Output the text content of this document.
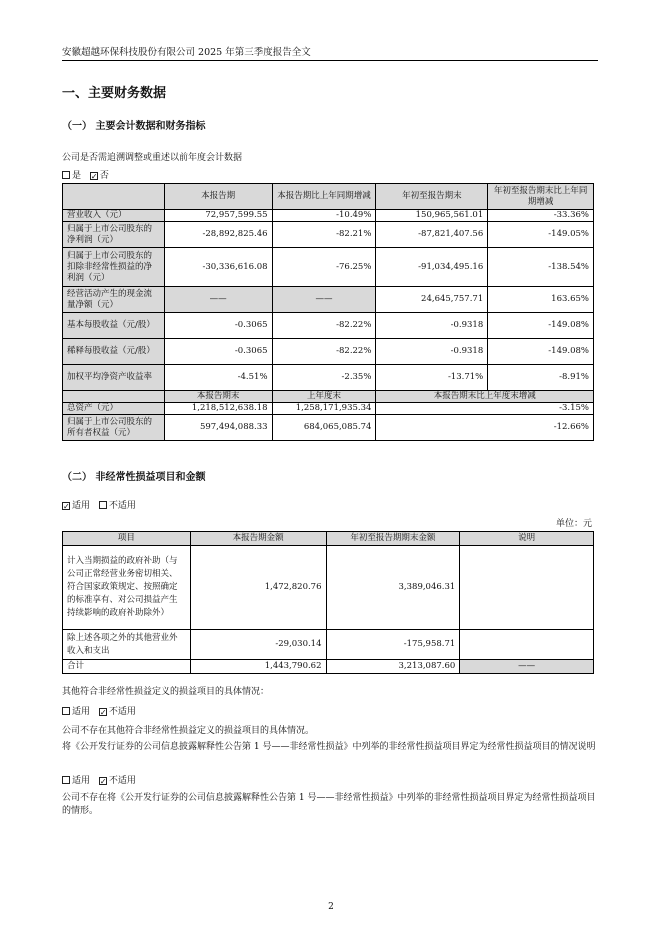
安徽超越环保科技股份有限公司 2025 年第三季度报告全文
一、主要财务数据
（一） 主要会计数据和财务指标
公司是否需追溯调整或重述以前年度会计数据
是 ✓ 否
	本报告期	本报告期比上年同期增减	年初至报告期末	年初至报告期末比上年同期增减
营业收入（元）	72,957,599.55	-10.49%	150,965,561.01	-33.36%
归属于上市公司股东的净利润（元）	-28,892,825.46	-82.21%	-87,821,407.56	-149.05%
归属于上市公司股东的扣除非经常性损益的净利润（元）	-30,336,616.08	-76.25%	-91,034,495.16	-138.54%
经营活动产生的现金流量净额（元）	——	——	24,645,757.71	163.65%
基本每股收益（元/股）	-0.3065	-82.22%	-0.9318	-149.08%
稀释每股收益（元/股）	-0.3065	-82.22%	-0.9318	-149.08%
加权平均净资产收益率	-4.51%	-2.35%	-13.71%	-8.91%
	本报告期末	上年度末	本报告期末比上年度末增减	
总资产（元）	1,218,512,638.18	1,258,171,935.34	-3.15%	
归属于上市公司股东的所有者权益（元）	597,494,088.33	684,065,085.74	-12.66%	
（二） 非经常性损益项目和金额
✓ 适用 不适用
单位：元
项目	本报告期金额	年初至报告期期末金额	说明
计入当期损益的政府补助（与公司正常经营业务密切相关、符合国家政策规定、按照确定的标准享有、对公司损益产生持续影响的政府补助除外）	1,472,820.76	3,389,046.31	
除上述各项之外的其他营业外收入和支出	-29,030.14	-175,958.71	
合计	1,443,790.62	3,213,087.60	——
其他符合非经常性损益定义的损益项目的具体情况：
适用 ✓ 不适用
公司不存在其他符合非经常性损益定义的损益项目的具体情况。
将《公开发行证券的公司信息披露解释性公告第 1 号——非经常性损益》中列举的非经常性损益项目界定为经常性损益项目的情况说明
适用 ✓ 不适用
公司不存在将《公开发行证券的公司信息披露解释性公告第 1 号——非经常性损益》中列举的非经常性损益项目界定为经常性损益项目的情形。
2
